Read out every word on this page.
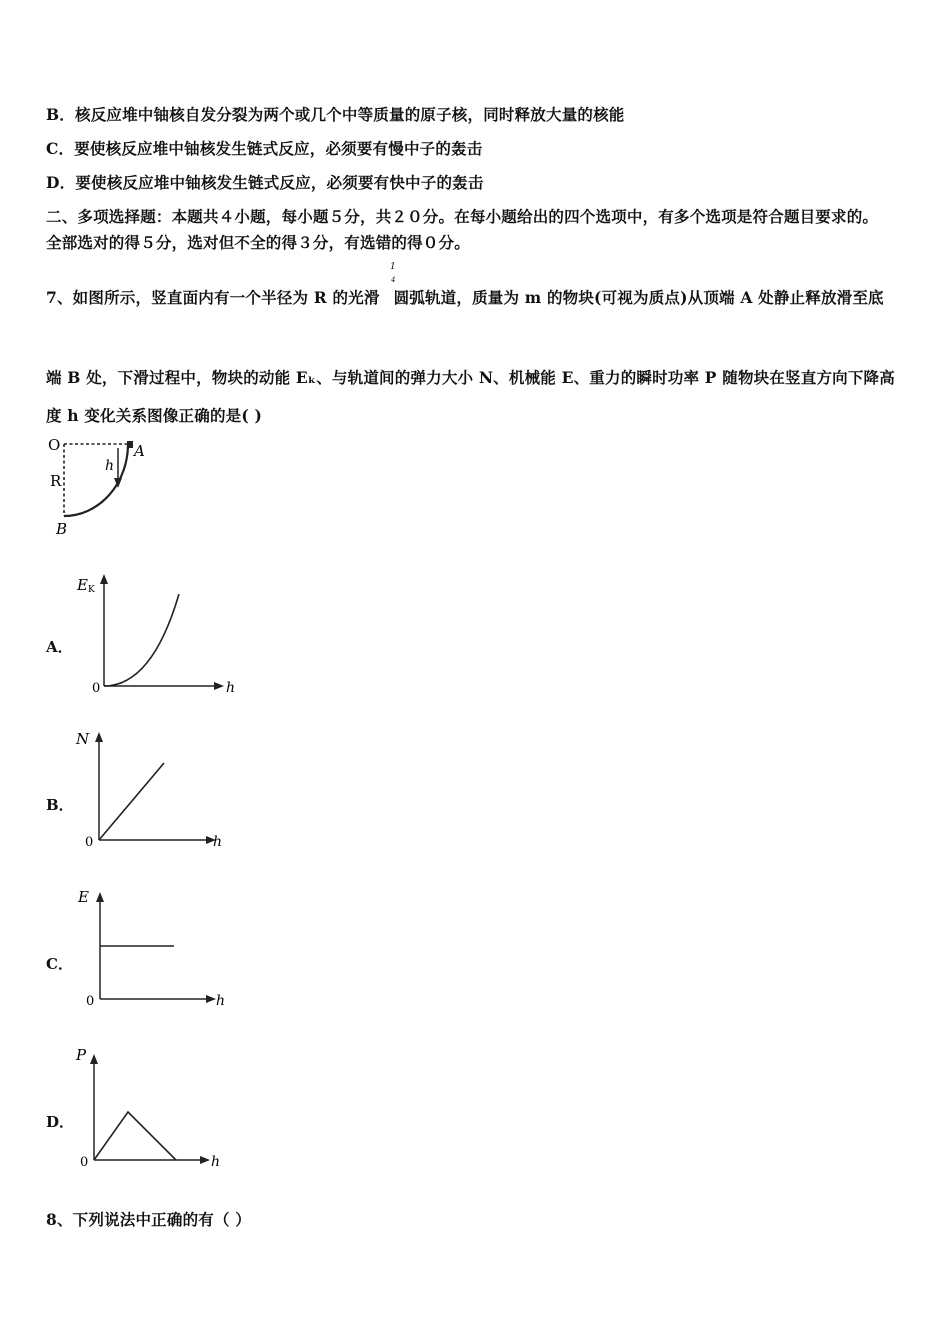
B．核反应堆中铀核自发分裂为两个或几个中等质量的原子核，同时释放大量的核能
C．要使核反应堆中铀核发生链式反应，必须要有慢中子的轰击
D．要使核反应堆中铀核发生链式反应，必须要有快中子的轰击
二、多项选择题：本题共４小题，每小题５分，共２０分。在每小题给出的四个选项中，有多个选项是符合题目要求的。
全部选对的得５分，选对但不全的得３分，有选错的得０分。
7、如图所示，竖直面内有一个半径为 R 的光滑 圆弧轨道，质量为 m 的物块(可视为质点)从顶端 A 处静止释放滑至底
1
4
端 B 处，下滑过程中，物块的动能 Eₖ、与轨道间的弹力大小 N、机械能 E、重力的瞬时功率 P 随物块在竖直方向下降高
度 h 变化关系图像正确的是( )
O	A
R
B
h
A．
E K
0	h
B．
N
0	h
C．
E
0	h
D．
P
0	h
8、下列说法中正确的有（ ）
